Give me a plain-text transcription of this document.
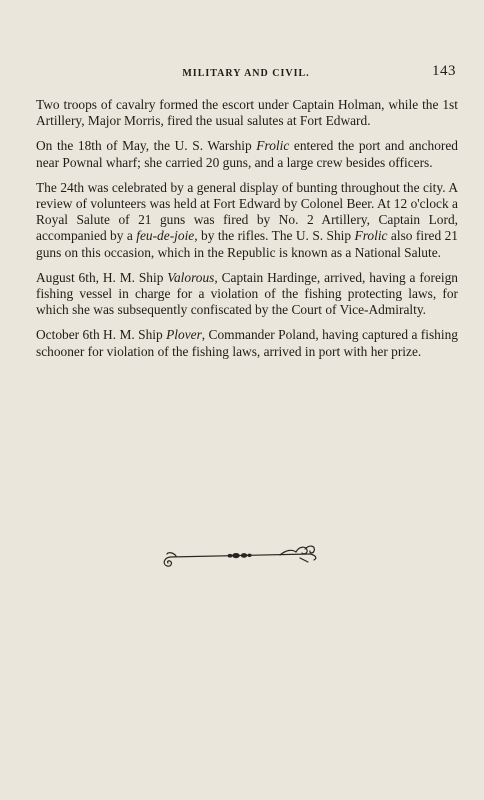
MILITARY AND CIVIL.	143

Two troops of cavalry formed the escort under Captain Holman, while the 1st Artillery, Major Morris, fired the usual salutes at Fort Edward.

On the 18th of May, the U. S. Warship Frolic entered the port and anchored near Pownal wharf; she carried 20 guns, and a large crew besides officers.

The 24th was celebrated by a general display of bunting throughout the city. A review of volunteers was held at Fort Edward by Colonel Beer. At 12 o'clock a Royal Salute of 21 guns was fired by No. 2 Artillery, Captain Lord, accompanied by a feu-de-joie, by the rifles. The U. S. Ship Frolic also fired 21 guns on this occasion, which in the Republic is known as a National Salute.

August 6th, H. M. Ship Valorous, Captain Hardinge, arrived, having a foreign fishing vessel in charge for a violation of the fishing protecting laws, for which she was subsequently confiscated by the Court of Vice-Admiralty.

October 6th H. M. Ship Plover, Commander Poland, having captured a fishing schooner for violation of the fishing laws, arrived in port with her prize.
